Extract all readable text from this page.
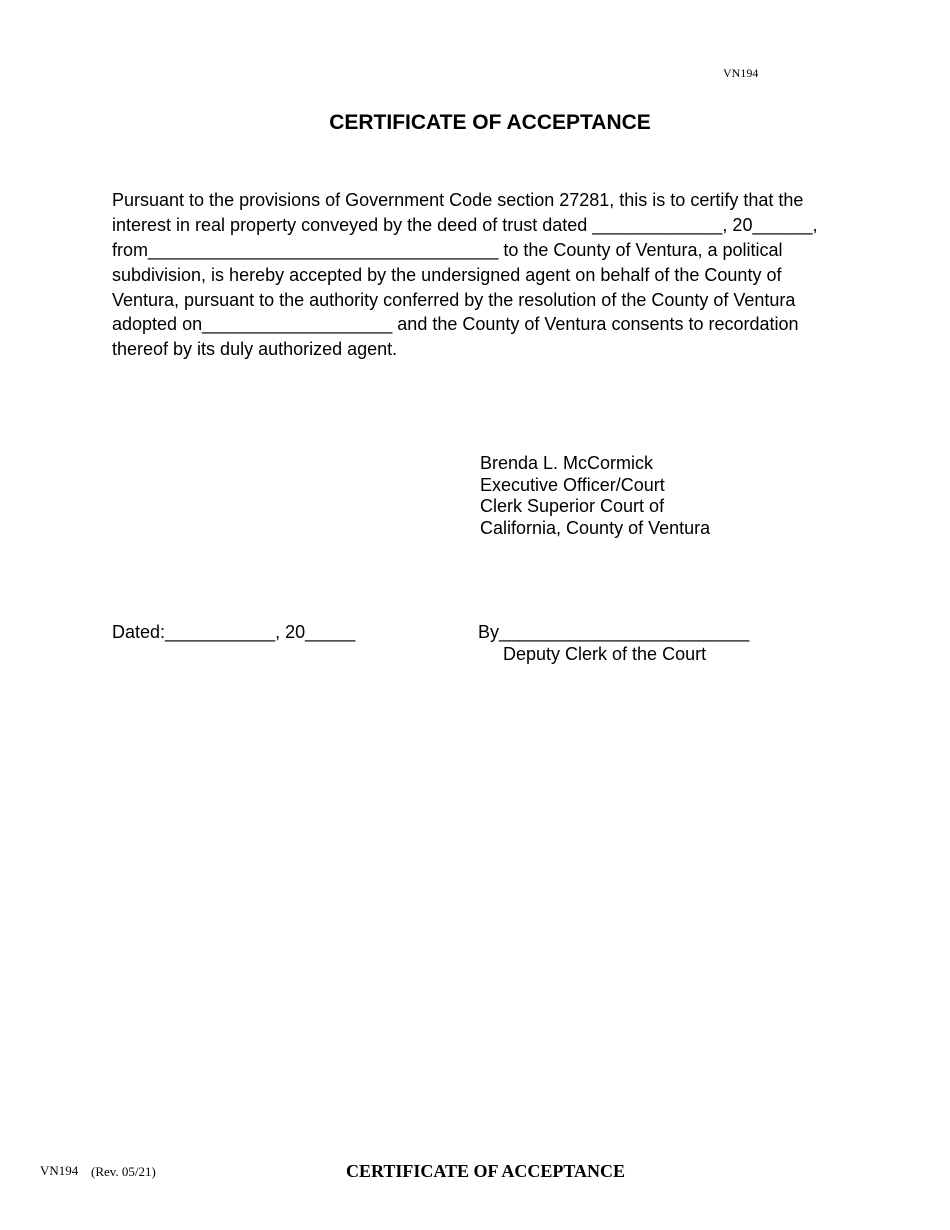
VN194
CERTIFICATE OF ACCEPTANCE
Pursuant to the provisions of Government Code section 27281, this is to certify that the
interest in real property conveyed by the deed of trust dated _____________, 20______,
from___________________________________ to the County of Ventura, a political
subdivision, is hereby accepted by the undersigned agent on behalf of the County of
Ventura, pursuant to the authority conferred by the resolution of the County of Ventura
adopted on___________________ and the County of Ventura consents to recordation
thereof by its duly authorized agent.
Brenda L. McCormick
Executive Officer/Court
Clerk Superior Court of
California, County of Ventura
Dated:___________, 20_____	By_________________________
Deputy Clerk of the Court
VN194 (Rev. 05/21)	CERTIFICATE OF ACCEPTANCE
